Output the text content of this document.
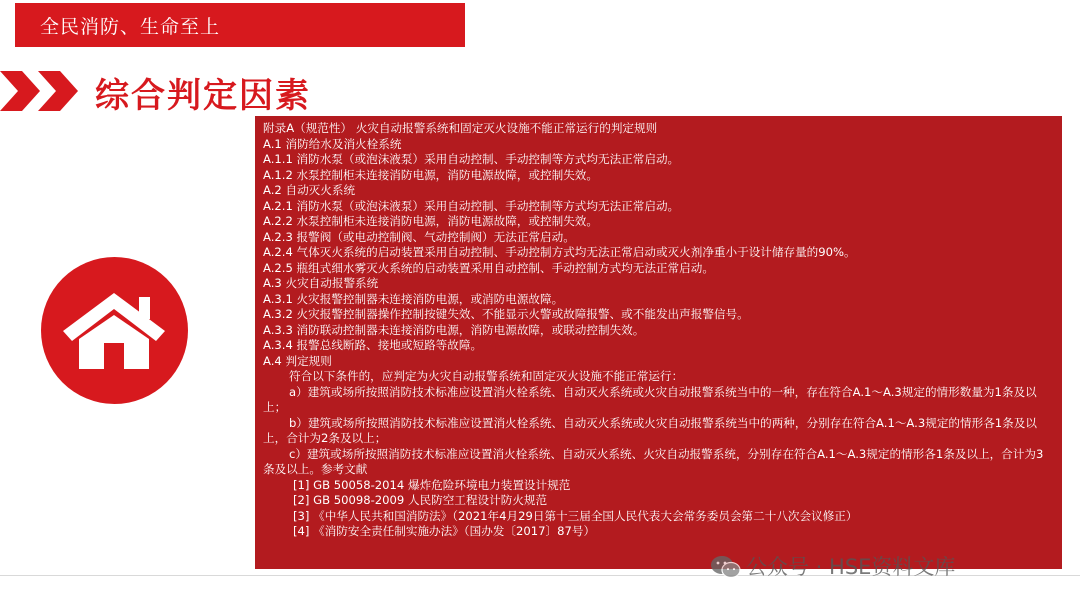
全民消防、生命至上
综合判定因素
附录A（规范性） 火灾自动报警系统和固定灭火设施不能正常运行的判定规则
A.1 消防给水及消火栓系统
A.1.1 消防水泵（或泡沫液泵）采用自动控制、手动控制等方式均无法正常启动。
A.1.2 水泵控制柜未连接消防电源，消防电源故障，或控制失效。
A.2 自动灭火系统
A.2.1 消防水泵（或泡沫液泵）采用自动控制、手动控制等方式均无法正常启动。
A.2.2 水泵控制柜未连接消防电源，消防电源故障，或控制失效。
A.2.3 报警阀（或电动控制阀、气动控制阀）无法正常启动。
A.2.4 气体灭火系统的启动装置采用自动控制、手动控制方式均无法正常启动或灭火剂净重小于设计储存量的90%。
A.2.5 瓶组式细水雾灭火系统的启动装置采用自动控制、手动控制方式均无法正常启动。
A.3 火灾自动报警系统
A.3.1 火灾报警控制器未连接消防电源，或消防电源故障。
A.3.2 火灾报警控制器操作控制按键失效、不能显示火警或故障报警、或不能发出声报警信号。
A.3.3 消防联动控制器未连接消防电源，消防电源故障，或联动控制失效。
A.3.4 报警总线断路、接地或短路等故障。
A.4 判定规则
符合以下条件的，应判定为火灾自动报警系统和固定灭火设施不能正常运行：
a）建筑或场所按照消防技术标准应设置消火栓系统、自动灭火系统或火灾自动报警系统当中的一种，存在符合A.1～A.3规定的情形数量为1条及以上；
b）建筑或场所按照消防技术标准应设置消火栓系统、自动灭火系统或火灾自动报警系统当中的两种，分别存在符合A.1～A.3规定的情形各1条及以上，合计为2条及以上；
c）建筑或场所按照消防技术标准应设置消火栓系统、自动灭火系统、火灾自动报警系统，分别存在符合A.1～A.3规定的情形各1条及以上，合计为3条及以上。参考文献
[1] GB 50058-2014 爆炸危险环境电力装置设计规范
[2] GB 50098-2009 人民防空工程设计防火规范
[3] 《中华人民共和国消防法》（2021年4月29日第十三届全国人民代表大会常务委员会第二十八次会议修正）
[4] 《消防安全责任制实施办法》（国办发〔2017〕87号）
公众号 · HSE资料文库
